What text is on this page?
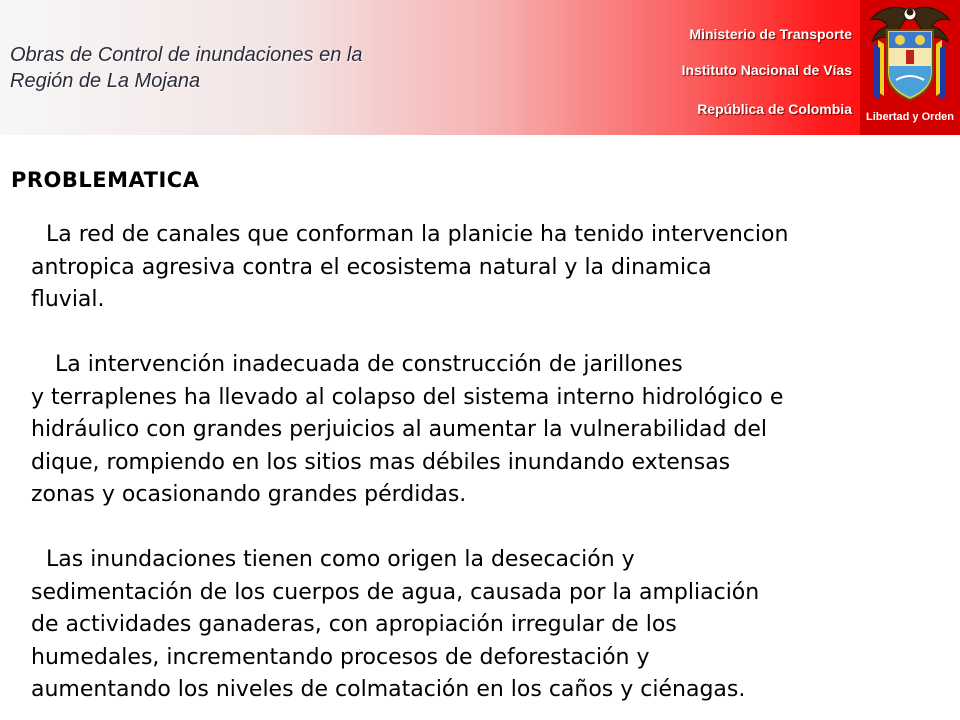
Obras de Control de inundaciones en la
Región de La Mojana
Ministerio de Transporte
Instituto Nacional de Vías
República de Colombia Libertad y Orden
PROBLEMATICA

La red de canales que conforman la planicie ha tenido intervencion
antropica agresiva contra el ecosistema natural y la dinamica
fluvial.

La intervención inadecuada de construcción de jarillones
y terraplenes ha llevado al colapso del sistema interno hidrológico e
hidráulico con grandes perjuicios al aumentar la vulnerabilidad del
dique, rompiendo en los sitios mas débiles inundando extensas
zonas y ocasionando grandes pérdidas.

Las inundaciones tienen como origen la desecación y
sedimentación de los cuerpos de agua, causada por la ampliación
de actividades ganaderas, con apropiación irregular de los
humedales, incrementando procesos de deforestación y
aumentando los niveles de colmatación en los caños y ciénagas.
